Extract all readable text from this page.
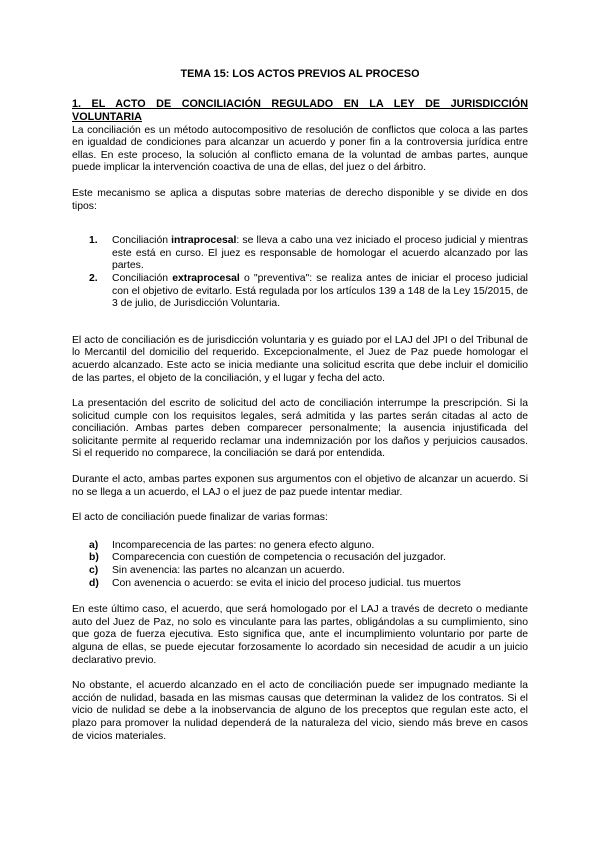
TEMA 15: LOS ACTOS PREVIOS AL PROCESO
1. EL ACTO DE CONCILIACIÓN REGULADO EN LA LEY DE JURISDICCIÓN
VOLUNTARIA

La conciliación es un método autocompositivo de resolución de conflictos que coloca a las partes en igualdad de condiciones para alcanzar un acuerdo y poner fin a la controversia jurídica entre ellas. En este proceso, la solución al conflicto emana de la voluntad de ambas partes, aunque puede implicar la intervención coactiva de una de ellas, del juez o del árbitro.

Este mecanismo se aplica a disputas sobre materias de derecho disponible y se divide en dos tipos:

1. Conciliación intraprocesal: se lleva a cabo una vez iniciado el proceso judicial y mientras este está en curso. El juez es responsable de homologar el acuerdo alcanzado por las partes.
2. Conciliación extraprocesal o "preventiva": se realiza antes de iniciar el proceso judicial con el objetivo de evitarlo. Está regulada por los artículos 139 a 148 de la Ley 15/2015, de 3 de julio, de Jurisdicción Voluntaria.

El acto de conciliación es de jurisdicción voluntaria y es guiado por el LAJ del JPI o del Tribunal de lo Mercantil del domicilio del requerido. Excepcionalmente, el Juez de Paz puede homologar el acuerdo alcanzado. Este acto se inicia mediante una solicitud escrita que debe incluir el domicilio de las partes, el objeto de la conciliación, y el lugar y fecha del acto.

La presentación del escrito de solicitud del acto de conciliación interrumpe la prescripción. Si la solicitud cumple con los requisitos legales, será admitida y las partes serán citadas al acto de conciliación. Ambas partes deben comparecer personalmente; la ausencia injustificada del solicitante permite al requerido reclamar una indemnización por los daños y perjuicios causados. Si el requerido no comparece, la conciliación se dará por entendida.

Durante el acto, ambas partes exponen sus argumentos con el objetivo de alcanzar un acuerdo. Si no se llega a un acuerdo, el LAJ o el juez de paz puede intentar mediar.

El acto de conciliación puede finalizar de varias formas:

a) Incomparecencia de las partes: no genera efecto alguno.
b) Comparecencia con cuestión de competencia o recusación del juzgador.
c) Sin avenencia: las partes no alcanzan un acuerdo.
d) Con avenencia o acuerdo: se evita el inicio del proceso judicial. tus muertos

En este último caso, el acuerdo, que será homologado por el LAJ a través de decreto o mediante auto del Juez de Paz, no solo es vinculante para las partes, obligándolas a su cumplimiento, sino que goza de fuerza ejecutiva. Esto significa que, ante el incumplimiento voluntario por parte de alguna de ellas, se puede ejecutar forzosamente lo acordado sin necesidad de acudir a un juicio declarativo previo.

No obstante, el acuerdo alcanzado en el acto de conciliación puede ser impugnado mediante la acción de nulidad, basada en las mismas causas que determinan la validez de los contratos. Si el vicio de nulidad se debe a la inobservancia de alguno de los preceptos que regulan este acto, el plazo para promover la nulidad dependerá de la naturaleza del vicio, siendo más breve en casos de vicios materiales.
